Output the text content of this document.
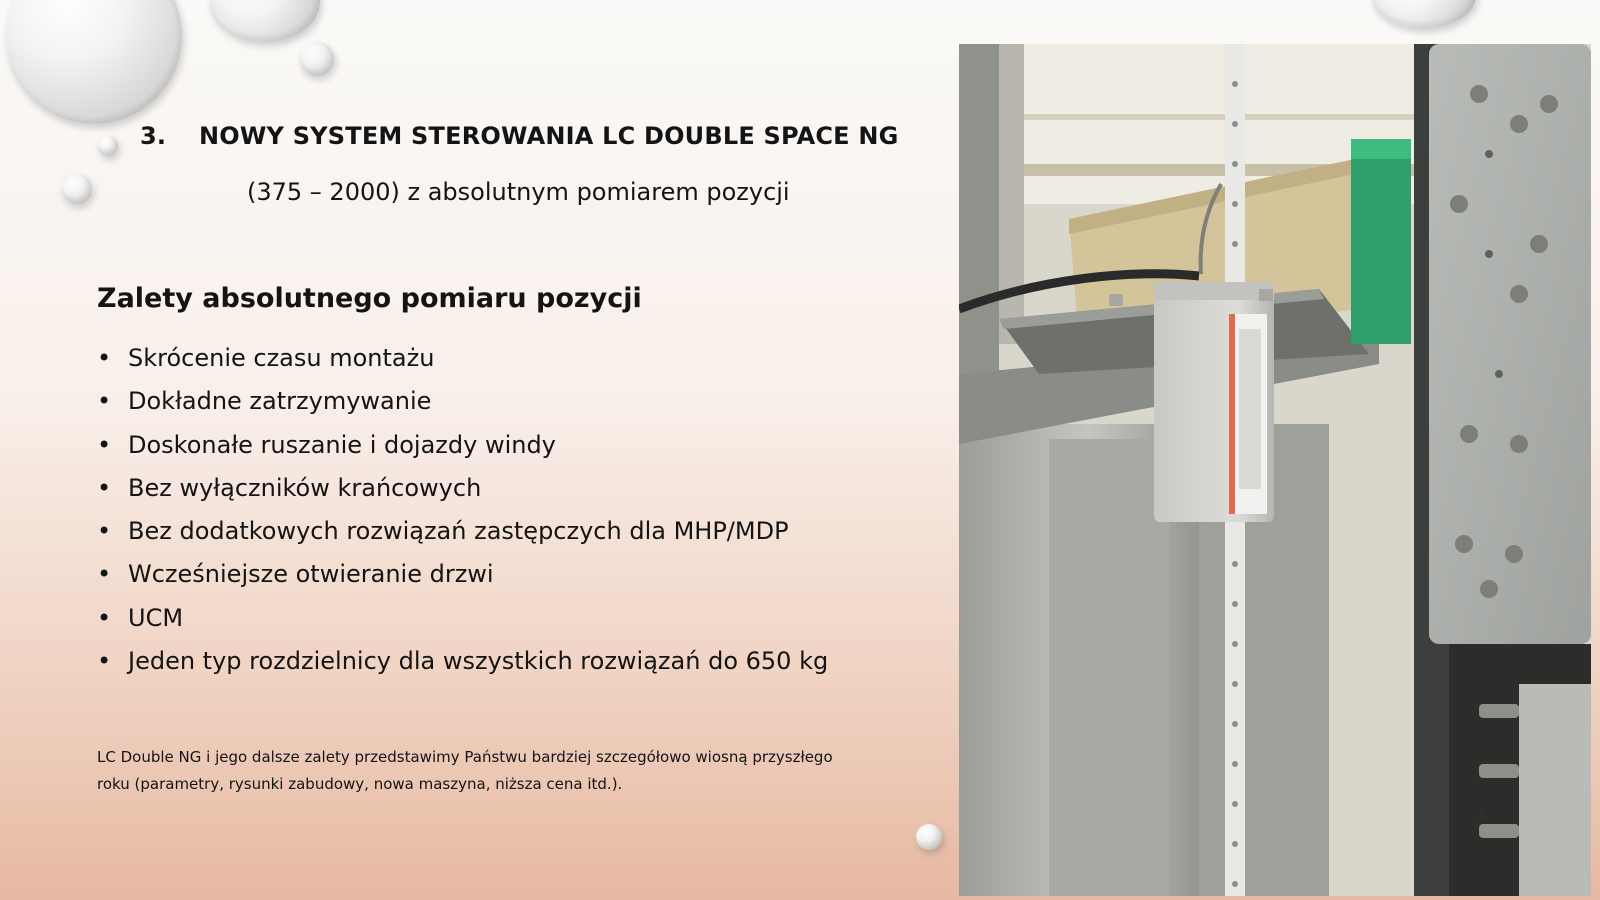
3. NOWY SYSTEM STEROWANIA LC DOUBLE SPACE NG
(375 – 2000) z absolutnym pomiarem pozycji
Zalety absolutnego pomiaru pozycji
• Skrócenie czasu montażu
• Dokładne zatrzymywanie
• Doskonałe ruszanie i dojazdy windy
• Bez wyłączników krańcowych
• Bez dodatkowych rozwiązań zastępczych dla MHP/MDP
• Wcześniejsze otwieranie drzwi
• UCM
• Jeden typ rozdzielnicy dla wszystkich rozwiązań do 650 kg
LC Double NG i jego dalsze zalety przedstawimy Państwu bardziej szczegółowo wiosną przyszłego roku (parametry, rysunki zabudowy, nowa maszyna, niższa cena itd.).
4
